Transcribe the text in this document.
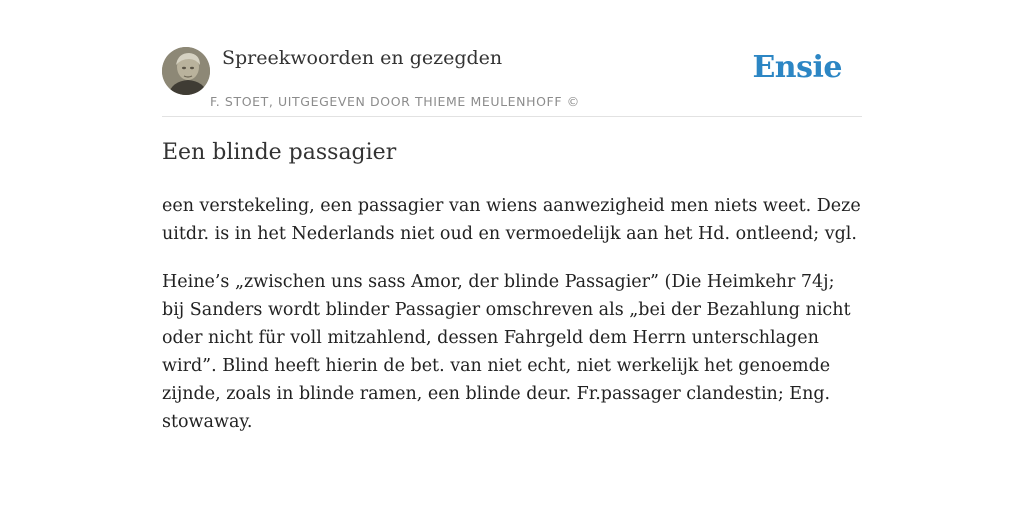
Spreekwoorden en gezegden
F. STOET, UITGEGEVEN DOOR THIEME MEULENHOFF ©
Ensie
Een blinde passagier

een verstekeling, een passagier van wiens aanwezigheid men niets weet. Deze uitdr. is in het Nederlands niet oud en vermoedelijk aan het Hd. ontleend; vgl.

Heine’s „zwischen uns sass Amor, der blinde Passagier” (Die Heimkehr 74j; bij Sanders wordt blinder Passagier omschreven als „bei der Bezahlung nicht oder nicht für voll mitzahlend, dessen Fahrgeld dem Herrn unterschlagen wird”. Blind heeft hierin de bet. van niet echt, niet werkelijk het genoemde zijnde, zoals in blinde ramen, een blinde deur. Fr.passager clandestin; Eng. stowaway.
